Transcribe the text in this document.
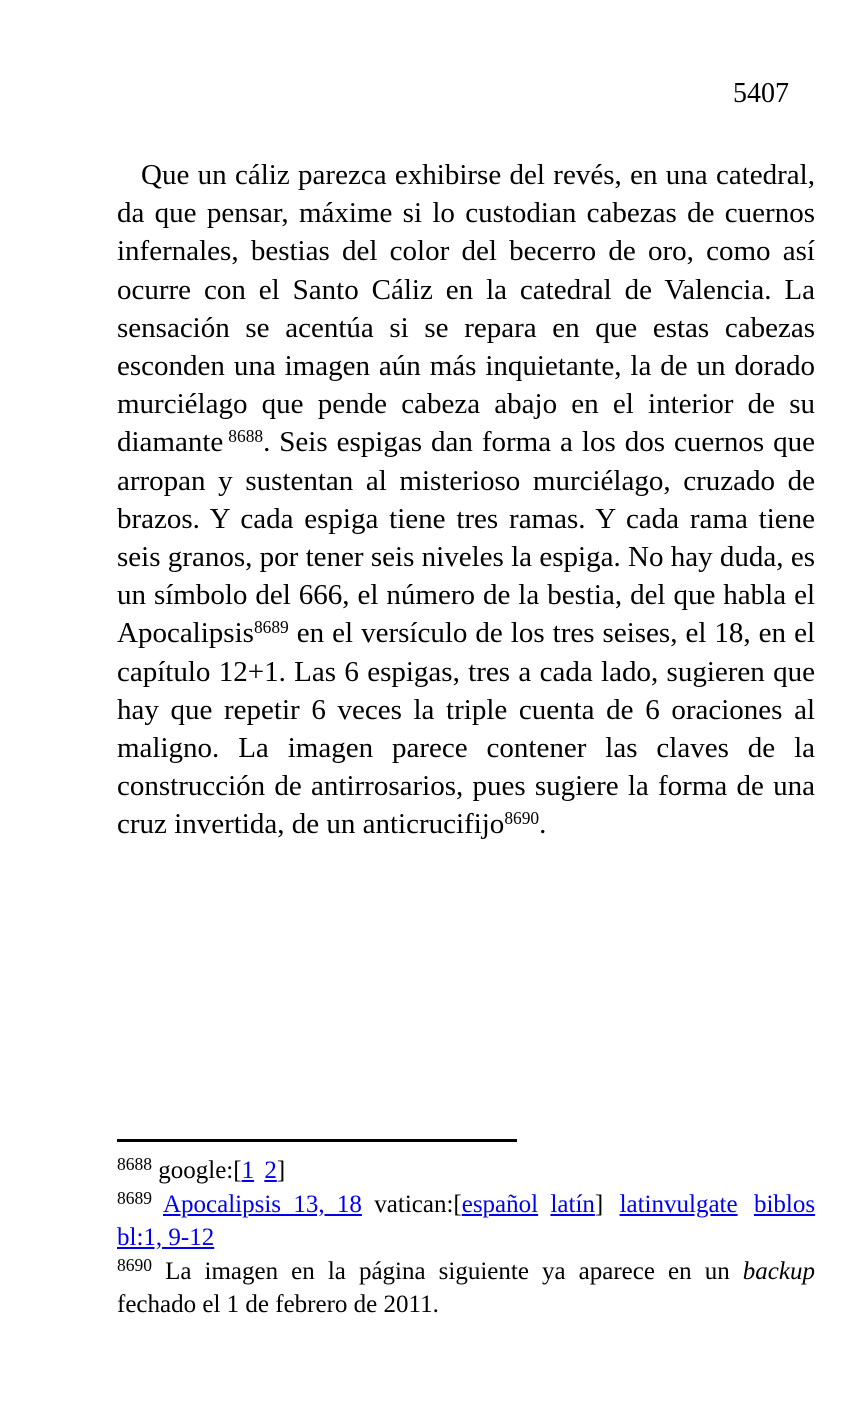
5407

Que un cáliz parezca exhibirse del revés, en una catedral, da que pensar, máxime si lo custodian cabezas de cuernos infernales, bestias del color del becerro de oro, como así ocurre con el Santo Cáliz en la catedral de Valencia. La sensación se acentúa si se repara en que estas cabezas esconden una imagen aún más inquietante, la de un dorado murciélago que pende cabeza abajo en el interior de su diamante $^{8688}$. Seis espigas dan forma a los dos cuernos que arropan y sustentan al misterioso murciélago, cruzado de brazos. Y cada espiga tiene tres ramas. Y cada rama tiene seis granos, por tener seis niveles la espiga. No hay duda, es un símbolo del 666, el número de la bestia, del que habla el Apocalipsis$^{8689}$ en el versículo de los tres seises, el 18, en el capítulo 12+1. Las 6 espigas, tres a cada lado, sugieren que hay que repetir 6 veces la triple cuenta de 6 oraciones al maligno. La imagen parece contener las claves de la construcción de antirrosarios, pues sugiere la forma de una cruz invertida, de un anticrucifijo$^{8690}$.

$^{8688}$ google:[1 2]

$^{8689}$ Apocalipsis 13, 18 vatican:[español latín] latinvulgate biblos bl:1, 9-12

$^{8690}$ La imagen en la página siguiente ya aparece en un backup fechado el 1 de febrero de 2011.
